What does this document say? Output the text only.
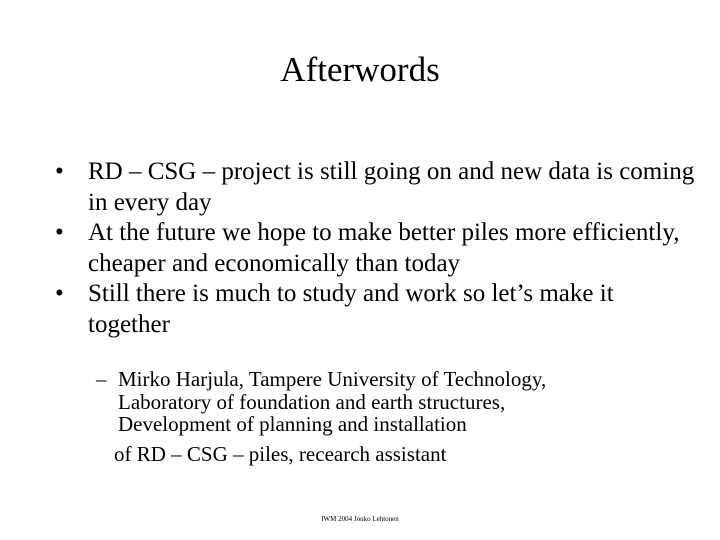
Afterwords
• RD – CSG – project is still going on and new data is coming in every day
• At the future we hope to make better piles more efficiently, cheaper and economically than today
• Still there is much to study and work so let’s make it together
– Mirko Harjula, Tampere University of Technology,
Laboratory of foundation and earth structures,
Development of planning and installation
of RD – CSG – piles, recearch assistant
IWM 2004 Jouko Lehtonen
